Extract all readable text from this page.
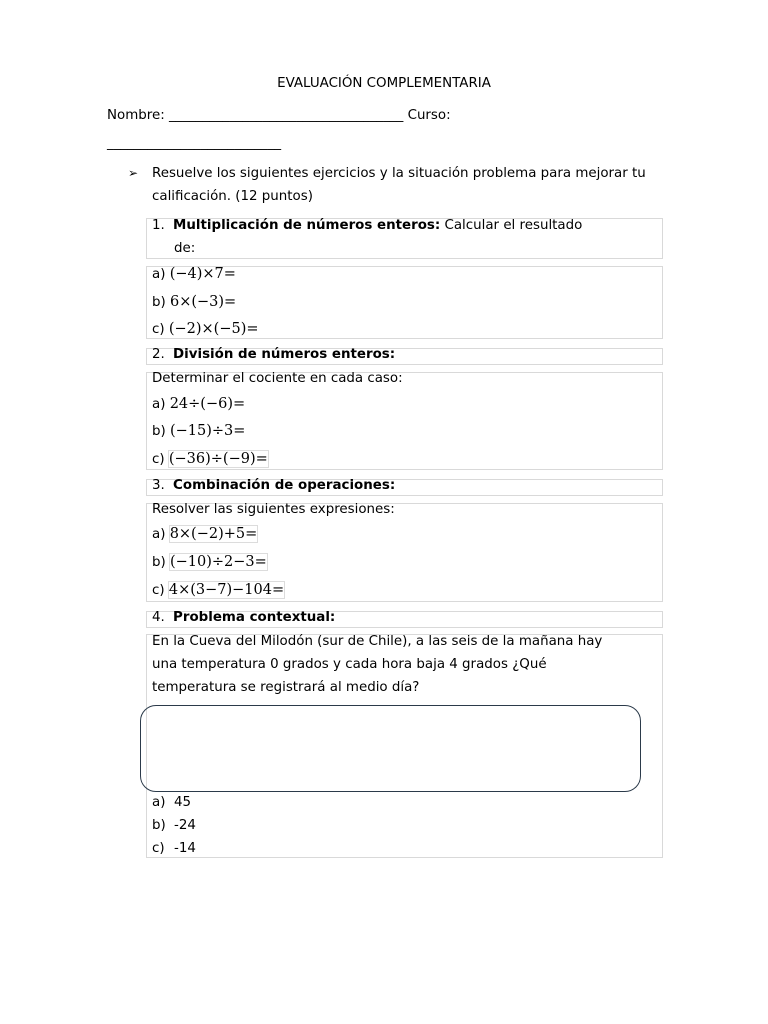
EVALUACIÓN COMPLEMENTARIA
Nombre: ___________________________________ Curso:
__________________________
➢ Resuelve los siguientes ejercicios y la situación problema para mejorar tu calificación. (12 puntos)
1. Multiplicación de números enteros: Calcular el resultado
de:
a) (−4)×7=
b) 6×(−3)=
c) (−2)×(−5)=
2. División de números enteros:
Determinar el cociente en cada caso:
a) 24÷(−6)=
b) (−15)÷3=
c) (−36)÷(−9)=
3. Combinación de operaciones:
Resolver las siguientes expresiones:
a) 8×(−2)+5=
b) (−10)÷2−3=
c) 4×(3−7)−104=
4. Problema contextual:
En la Cueva del Milodón (sur de Chile), a las seis de la mañana hay
una temperatura 0 grados y cada hora baja 4 grados ¿Qué
temperatura se registrará al medio día?
a) 45
b) -24
c) -14
